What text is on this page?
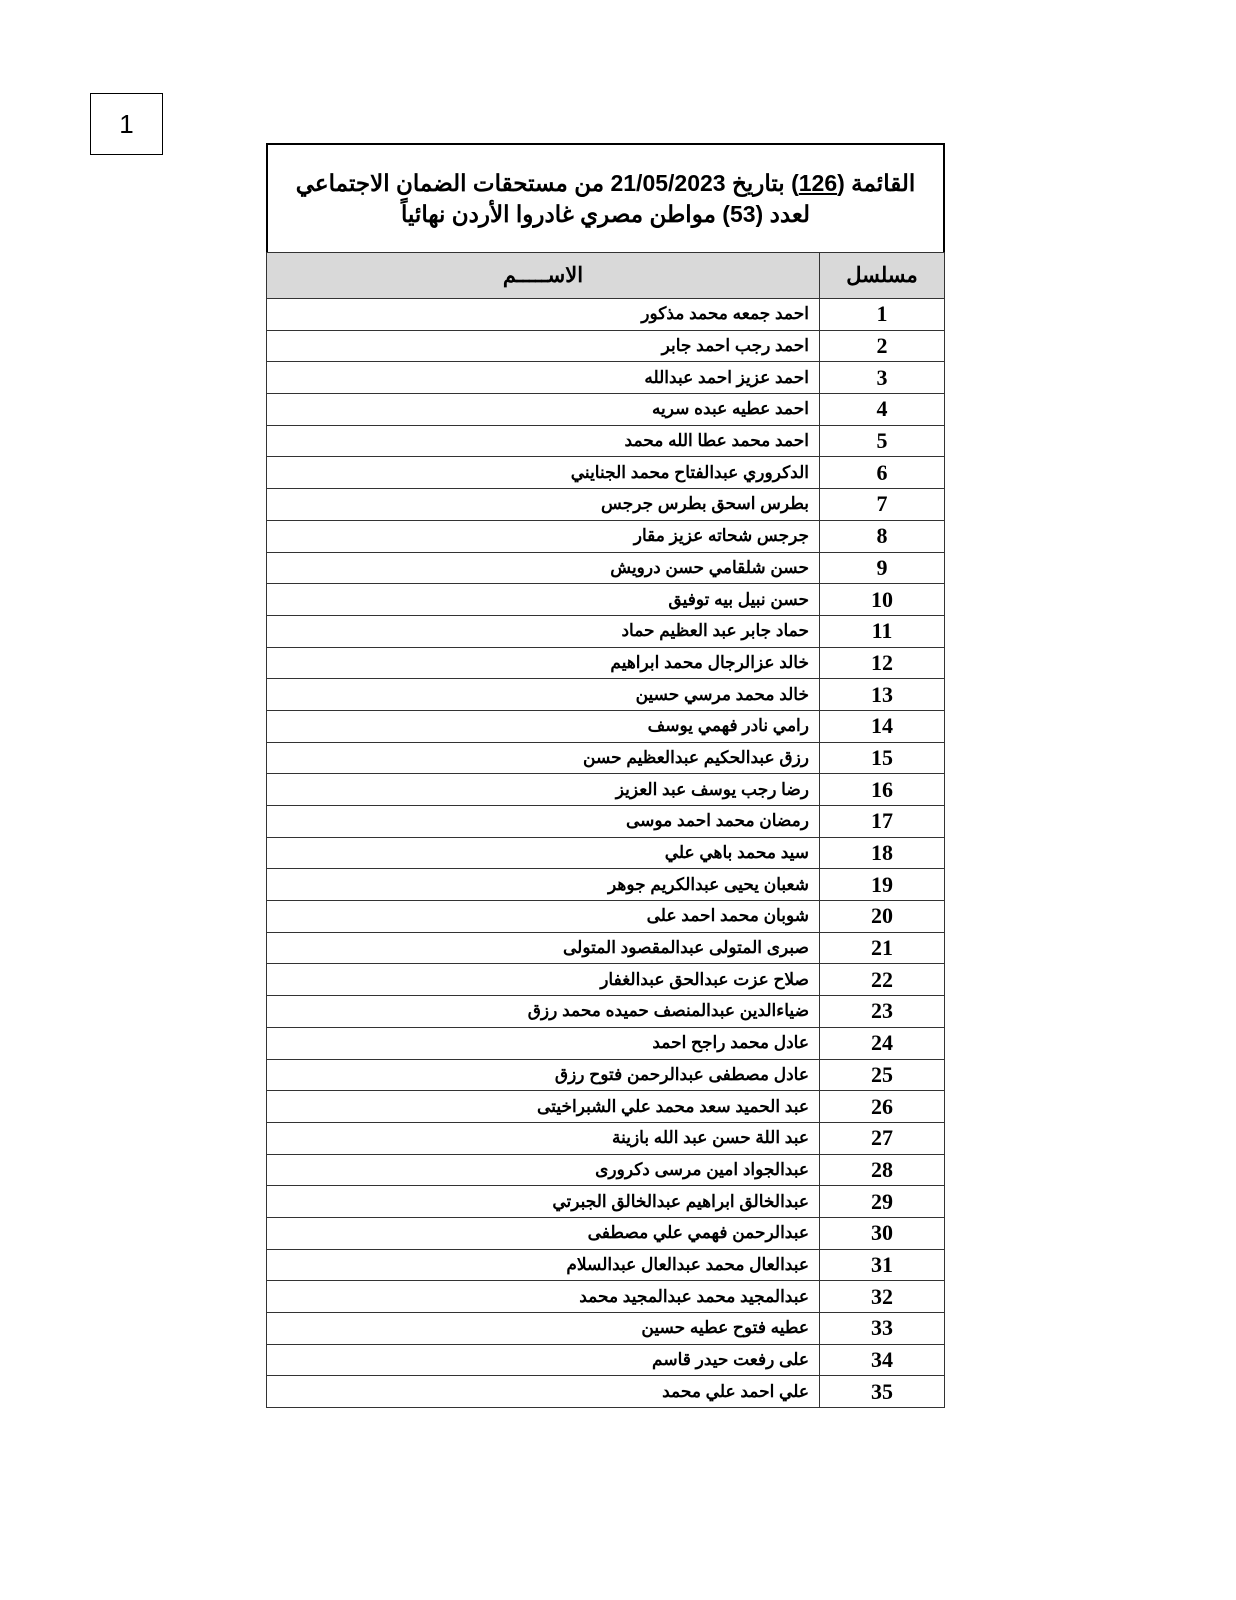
1
القائمة (126) بتاريخ 21/05/2023 من مستحقات الضمان الاجتماعي
لعدد (53) مواطن مصري غادروا الأردن نهائياً
مسلسل	الاســـــم
1	احمد جمعه محمد مذكور
2	احمد رجب احمد جابر
3	احمد عزيز احمد عبدالله
4	احمد عطيه عبده سريه
5	احمد محمد عطا الله محمد
6	الدكروري عبدالفتاح محمد الجنايني
7	بطرس اسحق بطرس جرجس
8	جرجس شحاته عزيز مقار
9	حسن شلقامي حسن درويش
10	حسن نبيل بيه توفيق
11	حماد جابر عبد العظيم حماد
12	خالد عزالرجال محمد ابراهيم
13	خالد محمد مرسي حسين
14	رامي نادر فهمي يوسف
15	رزق عبدالحكيم عبدالعظيم حسن
16	رضا رجب يوسف عبد العزيز
17	رمضان محمد احمد موسى
18	سيد محمد باهي علي
19	شعبان يحيى عبدالكريم جوهر
20	شوبان محمد احمد على
21	صبرى المتولى عبدالمقصود المتولى
22	صلاح عزت عبدالحق عبدالغفار
23	ضياءالدين عبدالمنصف حميده محمد رزق
24	عادل محمد راجح احمد
25	عادل مصطفى عبدالرحمن فتوح رزق
26	عبد الحميد سعد محمد علي الشبراخيتى
27	عبد اللة حسن عبد الله بازينة
28	عبدالجواد امين مرسى دكرورى
29	عبدالخالق ابراهيم عبدالخالق الجبرتي
30	عبدالرحمن فهمي علي مصطفى
31	عبدالعال محمد عبدالعال عبدالسلام
32	عبدالمجيد محمد عبدالمجيد محمد
33	عطيه فتوح عطيه حسين
34	على رفعت حيدر قاسم
35	علي احمد علي محمد
